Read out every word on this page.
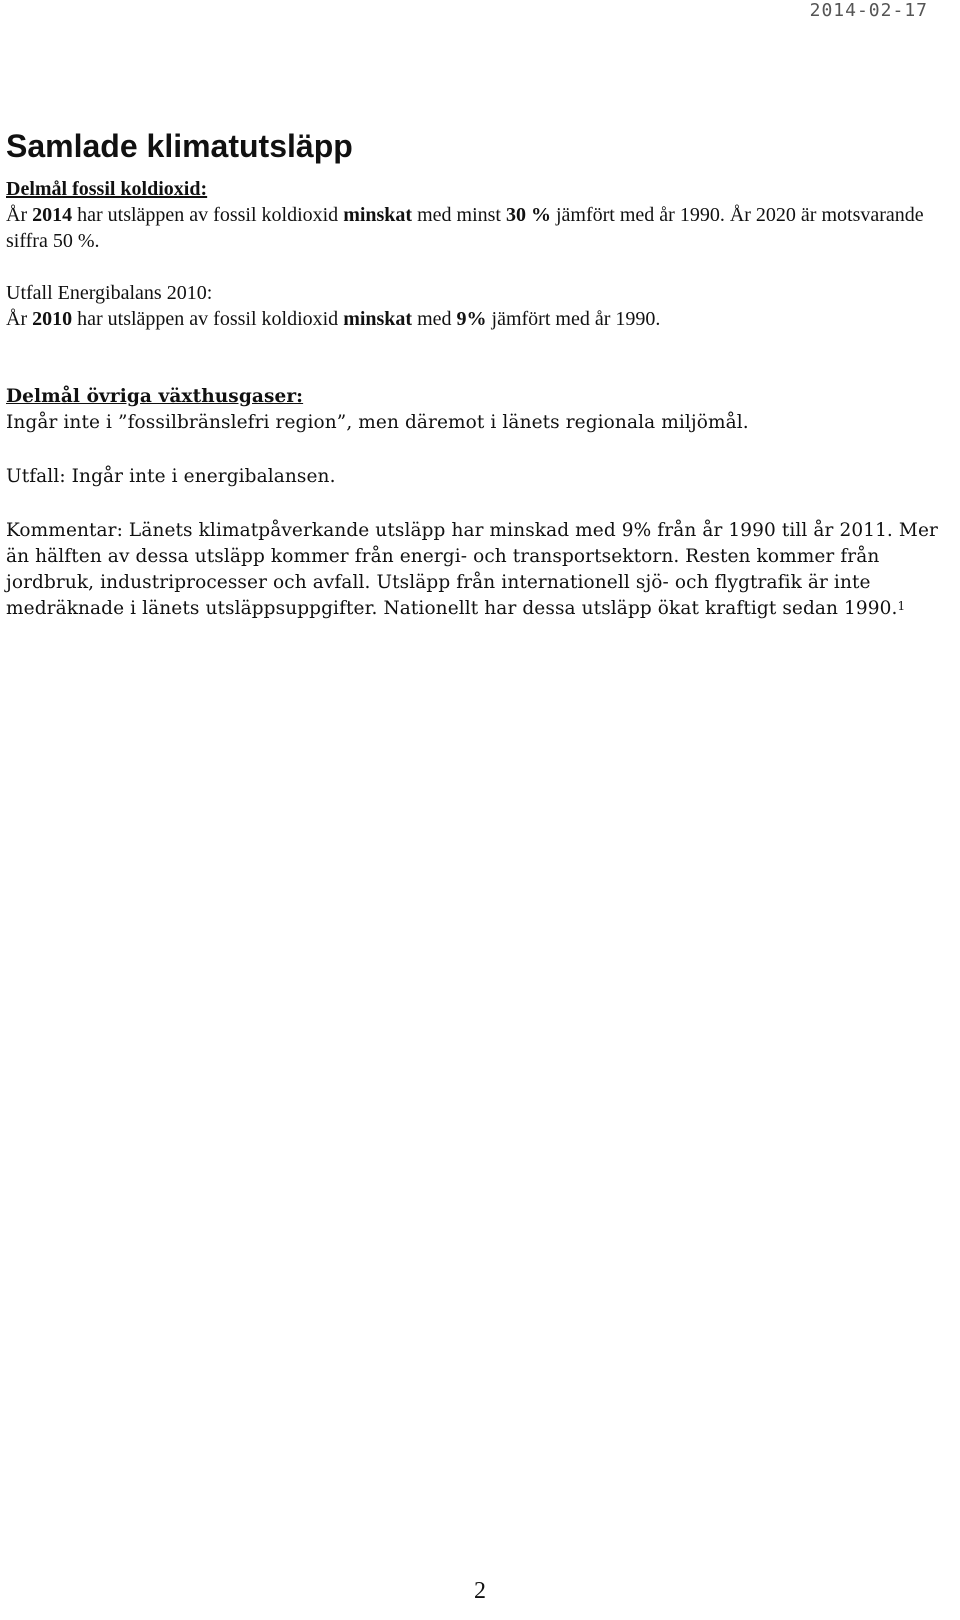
2014-02-17
Samlade klimatutsläpp

Delmål fossil koldioxid:

År 2014 har utsläppen av fossil koldioxid minskat med minst 30 % jämfört med år 1990. År 2020 är motsvarande siffra 50 %.

Utfall Energibalans 2010:

År 2010 har utsläppen av fossil koldioxid minskat med 9% jämfört med år 1990.

Delmål övriga växthusgaser:

Ingår inte i ”fossilbränslefri region”, men däremot i länets regionala miljömål.

Utfall: Ingår inte i energibalansen.

Kommentar: Länets klimatpåverkande utsläpp har minskad med 9% från år 1990 till år 2011. Mer än hälften av dessa utsläpp kommer från energi- och transportsektorn. Resten kommer från jordbruk, industriprocesser och avfall. Utsläpp från internationell sjö- och flygtrafik är inte medräknade i länets utsläppsuppgifter. Nationellt har dessa utsläpp ökat kraftigt sedan 1990.$^1$

2
